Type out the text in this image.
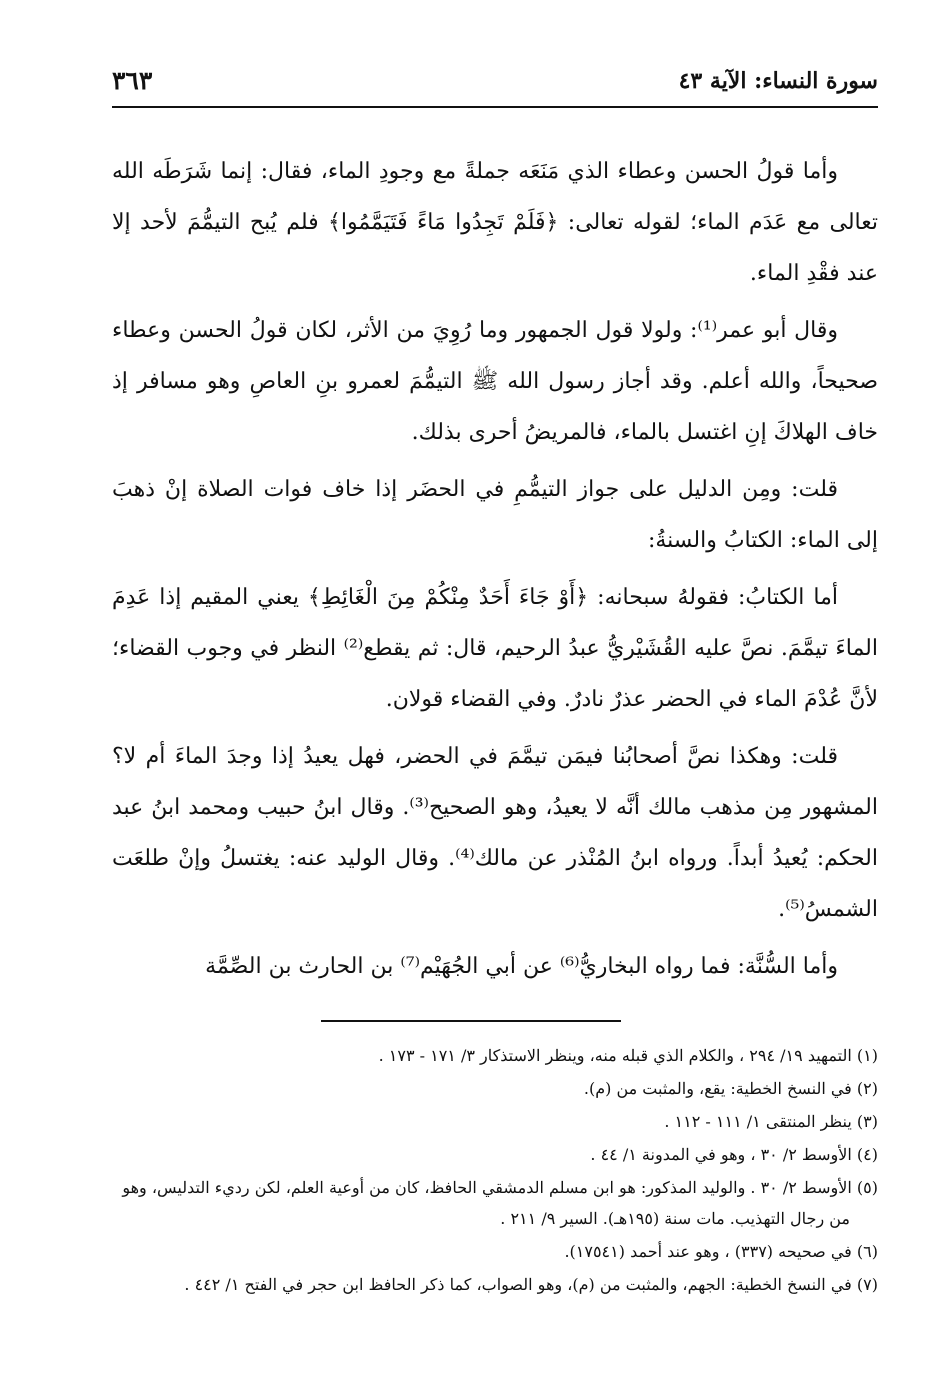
سورة النساء: الآية ٤٣
٣٦٣

وأما قولُ الحسن وعطاء الذي مَنَعَه جملةً مع وجودِ الماء، فقال: إنما شَرَطَه الله تعالى مع عَدَم الماء؛ لقوله تعالى: ﴿فَلَمْ تَجِدُوا مَاءً فَتَيَمَّمُوا﴾ فلم يُبح التيمُّمَ لأحد إلا عند فقْدِ الماء.

وقال أبو عمر⁽¹⁾: ولولا قول الجمهور وما رُوِيَ من الأثر، لكان قولُ الحسن وعطاء صحيحاً، والله أعلم. وقد أجاز رسول الله ﷺ التيمُّمَ لعمرو بنِ العاصِ وهو مسافر إذ خاف الهلاكَ إنِ اغتسل بالماء، فالمريضُ أحرى بذلك.

قلت: ومِن الدليل على جواز التيمُّمِ في الحضَر إذا خاف فوات الصلاة إنْ ذهبَ إلى الماء: الكتابُ والسنةُ:

أما الكتابُ: فقولهُ سبحانه: ﴿أَوْ جَاءَ أَحَدٌ مِنْكُمْ مِنَ الْغَائِطِ﴾ يعني المقيم إذا عَدِمَ الماءَ تيمَّمَ. نصَّ عليه القُشَيْريُّ عبدُ الرحيم، قال: ثم يقطع⁽²⁾ النظر في وجوب القضاء؛ لأنَّ عُدْمَ الماء في الحضر عذرٌ نادرٌ. وفي القضاء قولان.

قلت: وهكذا نصَّ أصحابُنا فيمَن تيمَّمَ في الحضر، فهل يعيدُ إذا وجدَ الماءَ أم لا؟ المشهور مِن مذهب مالك أنَّه لا يعيدُ، وهو الصحيح⁽³⁾. وقال ابنُ حبيب ومحمد ابنُ عبد الحكم: يُعيدُ أبداً. ورواه ابنُ المُنْذر عن مالك⁽⁴⁾. وقال الوليد عنه: يغتسلُ وإنْ طلعَت الشمسُ⁽⁵⁾.

وأما السُّنَّة: فما رواه البخاريُّ⁽⁶⁾ عن أبي الجُهَيْم⁽⁷⁾ بن الحارث بن الصِّمَّة

(١) التمهيد ١٩/ ٢٩٤ ، والكلام الذي قبله منه، وينظر الاستذكار ٣/ ١٧١ - ١٧٣ .

(٢) في النسخ الخطية: يقع، والمثبت من (م).

(٣) ينظر المنتقى ١/ ١١١ - ١١٢ .

(٤) الأوسط ٢/ ٣٠ ، وهو في المدونة ١/ ٤٤ .

(٥) الأوسط ٢/ ٣٠ . والوليد المذكور: هو ابن مسلم الدمشقي الحافظ، كان من أوعية العلم، لكن رديء التدليس، وهو من رجال التهذيب. مات سنة (١٩٥هـ). السير ٩/ ٢١١ .

(٦) في صحيحه (٣٣٧) ، وهو عند أحمد (١٧٥٤١).

(٧) في النسخ الخطية: الجهم، والمثبت من (م)، وهو الصواب، كما ذكر الحافظ ابن حجر في الفتح ١/ ٤٤٢ .
